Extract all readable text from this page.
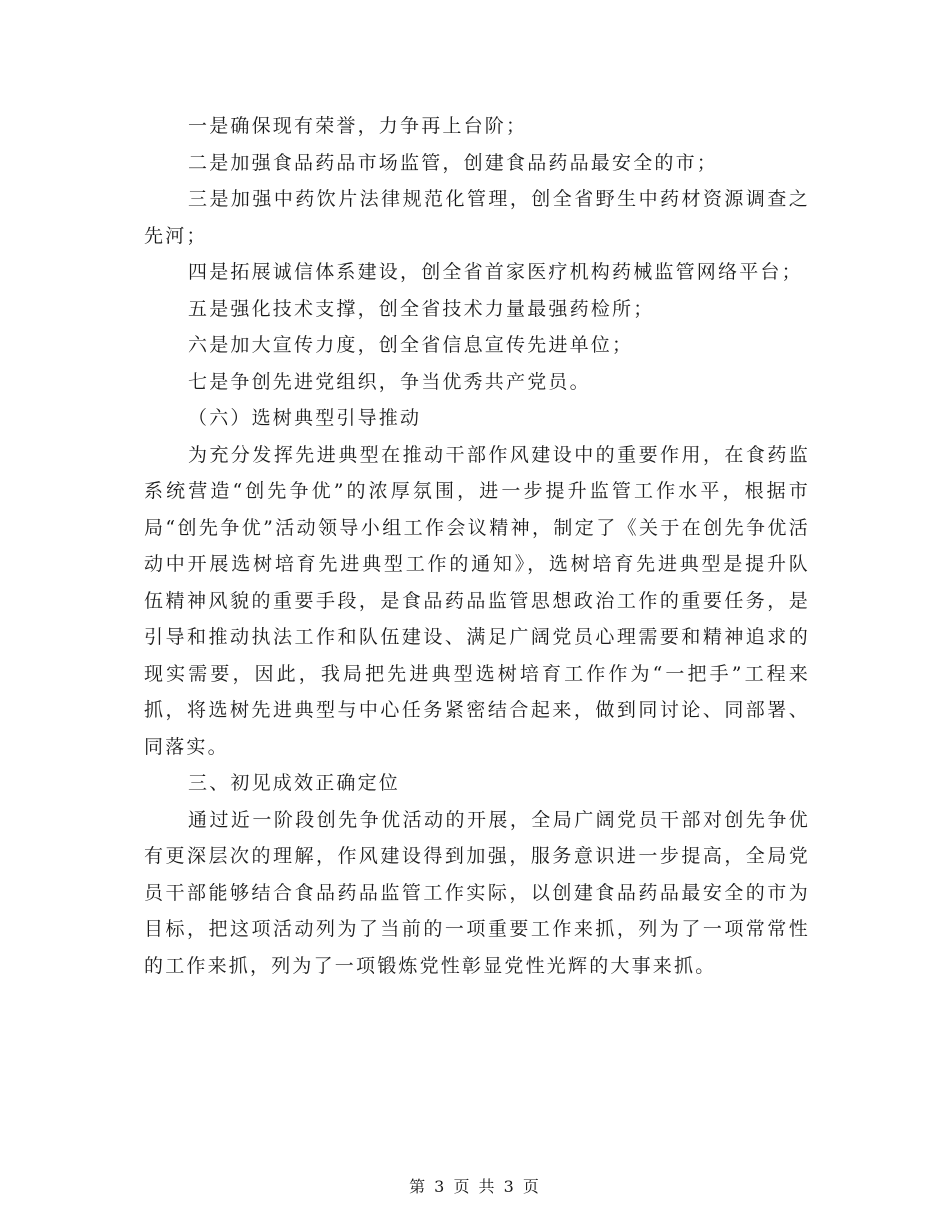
一是确保现有荣誉，力争再上台阶；

二是加强食品药品市场监管，创建食品药品最安全的市；

三是加强中药饮片法律规范化管理，创全省野生中药材资源调查之先河；

四是拓展诚信体系建设，创全省首家医疗机构药械监管网络平台；

五是强化技术支撑，创全省技术力量最强药检所；

六是加大宣传力度，创全省信息宣传先进单位；

七是争创先进党组织，争当优秀共产党员。

（六）选树典型引导推动

为充分发挥先进典型在推动干部作风建设中的重要作用，在食药监系统营造“创先争优”的浓厚氛围，进一步提升监管工作水平，根据市局“创先争优”活动领导小组工作会议精神，制定了《关于在创先争优活动中开展选树培育先进典型工作的通知》，选树培育先进典型是提升队伍精神风貌的重要手段，是食品药品监管思想政治工作的重要任务，是引导和推动执法工作和队伍建设、满足广阔党员心理需要和精神追求的现实需要，因此，我局把先进典型选树培育工作作为“一把手”工程来抓，将选树先进典型与中心任务紧密结合起来，做到同讨论、同部署、同落实。

三、初见成效正确定位

通过近一阶段创先争优活动的开展，全局广阔党员干部对创先争优有更深层次的理解，作风建设得到加强，服务意识进一步提高，全局党员干部能够结合食品药品监管工作实际，以创建食品药品最安全的市为目标，把这项活动列为了当前的一项重要工作来抓，列为了一项常常性的工作来抓，列为了一项锻炼党性彰显党性光辉的大事来抓。

第 3 页 共 3 页
